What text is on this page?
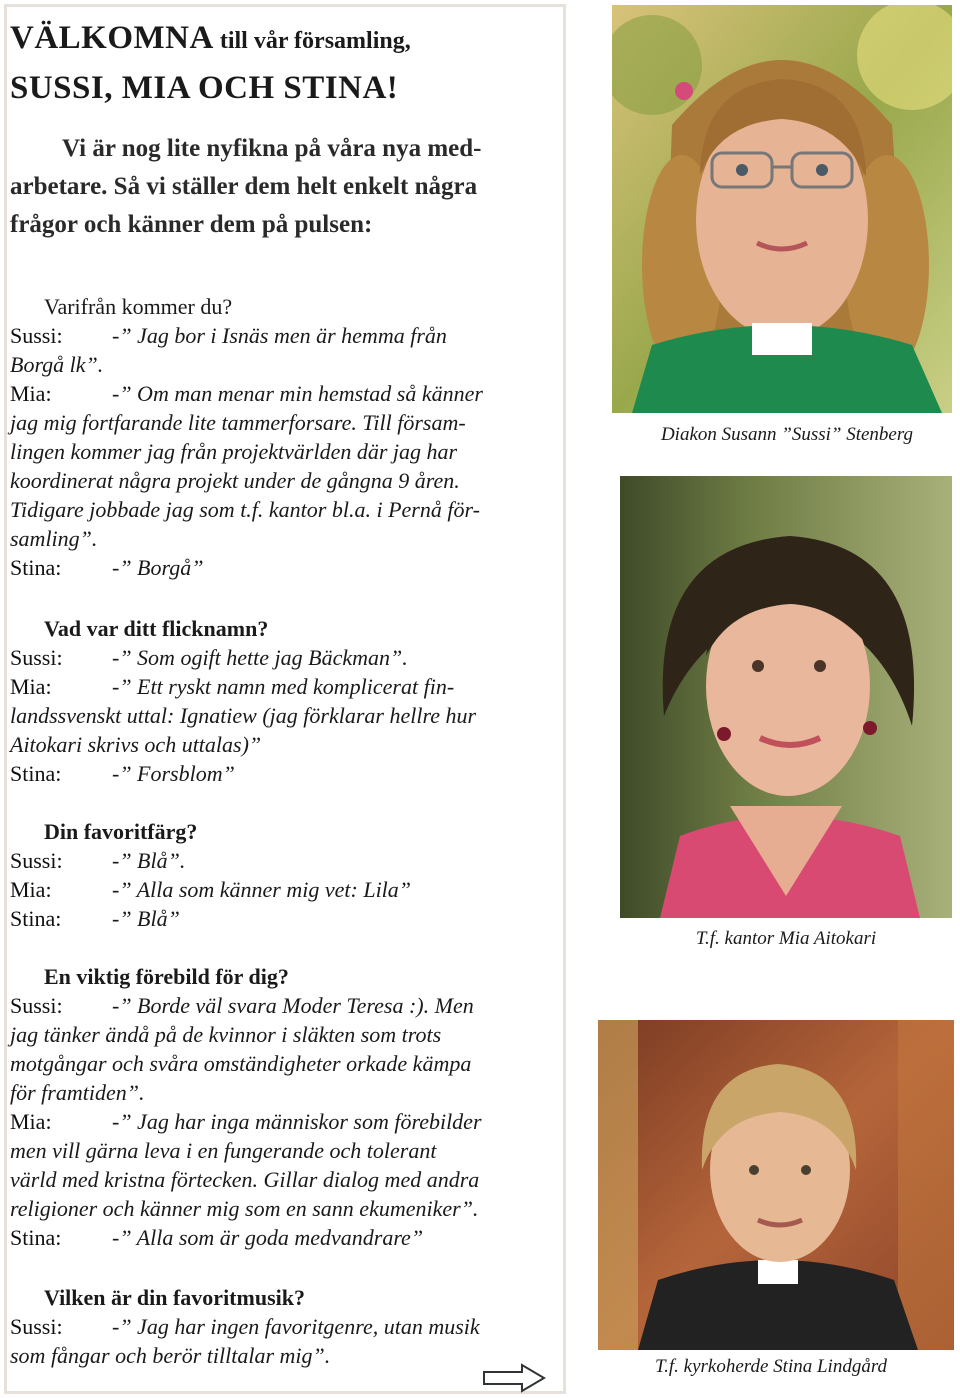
VÄLKOMNA till vår församling,
SUSSI, MIA OCH STINA!

Vi är nog lite nyfikna på våra nya med-
arbetare. Så vi ställer dem helt enkelt några
frågor och känner dem på pulsen:

Varifrån kommer du?
Sussi: -” Jag bor i Isnäs men är hemma från
Borgå lk”.
Mia:	-” Om man menar min hemstad så känner
jag mig fortfarande lite tammerforsare. Till försam-
lingen kommer jag från projektvärlden där jag har
koordinerat några projekt under de gångna 9 åren.
Tidigare jobbade jag som t.f. kantor bl.a. i Pernå för-
samling”.
Stina: -” Borgå”
Vad var ditt flicknamn?
Sussi: -” Som ogift hette jag Bäckman”.
Mia:	-” Ett ryskt namn med komplicerat fin-
landssvenskt uttal: Ignatiew (jag förklarar hellre hur
Aitokari skrivs och uttalas)”
Stina: -” Forsblom”
Din favoritfärg?
Sussi: -” Blå”.
Mia:	-” Alla som känner mig vet: Lila”
Stina: -” Blå”
En viktig förebild för dig?
Sussi: -” Borde väl svara Moder Teresa :). Men
jag tänker ändå på de kvinnor i släkten som trots
motgångar och svåra omständigheter orkade kämpa
för framtiden”.
Mia:	-” Jag har inga människor som förebilder
men vill gärna leva i en fungerande och tolerant
värld med kristna förtecken. Gillar dialog med andra
religioner och känner mig som en sann ekumeniker”.
Stina: -” Alla som är goda medvandrare”
Vilken är din favoritmusik?
Sussi: -” Jag har ingen favoritgenre, utan musik
som fångar och berör tilltalar mig”.
Diakon Susann ”Sussi” Stenberg
T.f. kantor Mia Aitokari
T.f. kyrkoherde Stina Lindgård
